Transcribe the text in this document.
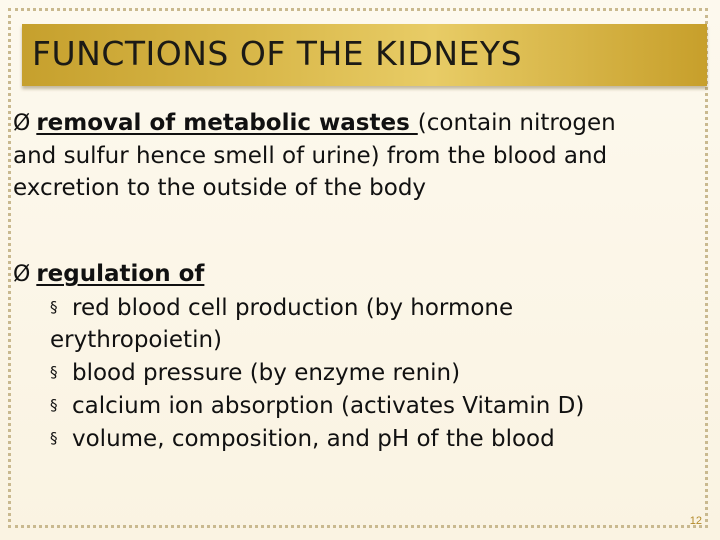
FUNCTIONS OF THE KIDNEYS
Ø removal of metabolic wastes (contain nitrogen
and sulfur hence smell of urine) from the blood and
excretion to the outside of the body
Ø regulation of
§ red blood cell production (by hormone
erythropoietin)
§ blood pressure (by enzyme renin)
§ calcium ion absorption (activates Vitamin D)
§ volume, composition, and pH of the blood
12
